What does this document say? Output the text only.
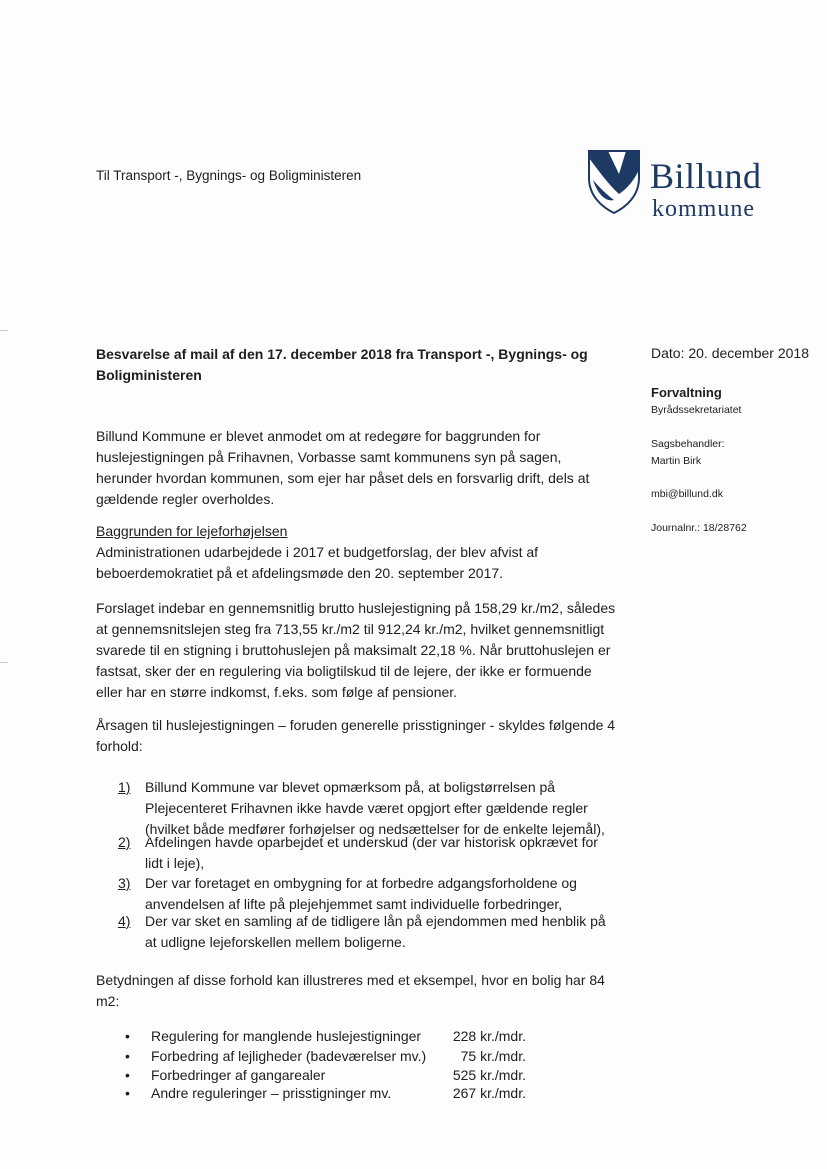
Til Transport -, Bygnings- og Boligministeren	Billund
kommune
Besvarelse af mail af den 17. december 2018 fra Transport -, Bygnings- og Boligministeren
Dato: 20. december 2018
Forvaltning
Byrådssekretariatet
Sagsbehandler:
Martin Birk
mbi@billund.dk
Journalnr.: 18/28762
Billund Kommune er blevet anmodet om at redegøre for baggrunden for huslejestigningen på Frihavnen, Vorbasse samt kommunens syn på sagen, herunder hvordan kommunen, som ejer har påset dels en forsvarlig drift, dels at gældende regler overholdes.
Baggrunden for lejeforhøjelsen
Administrationen udarbejdede i 2017 et budgetforslag, der blev afvist af beboerdemokratiet på et afdelingsmøde den 20. september 2017.
Forslaget indebar en gennemsnitlig brutto huslejestigning på 158,29 kr./m2, således at gennemsnitslejen steg fra 713,55 kr./m2 til 912,24 kr./m2, hvilket gennemsnitligt svarede til en stigning i bruttohuslejen på maksimalt 22,18 %. Når bruttohuslejen er fastsat, sker der en regulering via boligtilskud til de lejere, der ikke er formuende eller har en større indkomst, f.eks. som følge af pensioner.
Årsagen til huslejestigningen – foruden generelle prisstigninger - skyldes følgende 4 forhold:
1) Billund Kommune var blevet opmærksom på, at boligstørrelsen på Plejecenteret Frihavnen ikke havde været opgjort efter gældende regler (hvilket både medfører forhøjelser og nedsættelser for de enkelte lejemål),
2) Afdelingen havde oparbejdet et underskud (der var historisk opkrævet for lidt i leje),
3) Der var foretaget en ombygning for at forbedre adgangsforholdene og anvendelsen af lifte på plejehjemmet samt individuelle forbedringer,
4) Der var sket en samling af de tidligere lån på ejendommen med henblik på at udligne lejeforskellen mellem boligerne.
Betydningen af disse forhold kan illustreres med et eksempel, hvor en bolig har 84 m2:
• Regulering for manglende huslejestigninger	228 kr./mdr.
• Forbedring af lejligheder (badeværelser mv.)	75 kr./mdr.
• Forbedringer af gangarealer	525 kr./mdr.
• Andre reguleringer – prisstigninger mv.	267 kr./mdr.
